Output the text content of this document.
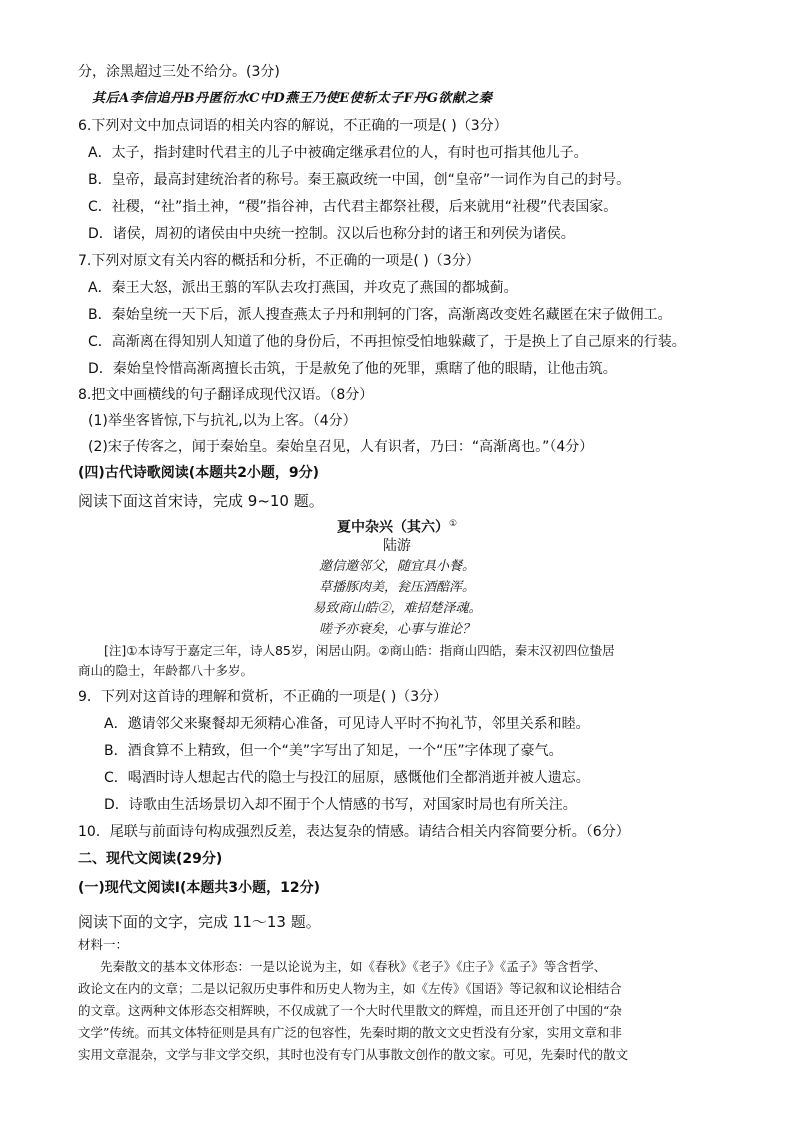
分，涂黑超过三处不给分。(3分)
其后A李信追丹B丹匿衍水C中D燕王乃使E使斩太子F丹G欲献之秦
6.下列对文中加点词语的相关内容的解说，不正确的一项是( )（3分）
A．太子，指封建时代君主的儿子中被确定继承君位的人，有时也可指其他儿子。
B．皇帝，最高封建统治者的称号。秦王嬴政统一中国，创“皇帝”一词作为自己的封号。
C．社稷，“社”指土神，“稷”指谷神，古代君主都祭社稷，后来就用“社稷”代表国家。
D．诸侯，周初的诸侯由中央统一控制。汉以后也称分封的诸王和列侯为诸侯。
7.下列对原文有关内容的概括和分析，不正确的一项是( )（3分）
A．秦王大怒，派出王翦的军队去攻打燕国，并攻克了燕国的都城蓟。
B．秦始皇统一天下后，派人搜查燕太子丹和荆轲的门客，高渐离改变姓名藏匿在宋子做佣工。
C．高渐离在得知别人知道了他的身份后，不再担惊受怕地躲藏了，于是换上了自己原来的行装。
D．秦始皇怜惜高渐离擅长击筑，于是赦免了他的死罪，熏瞎了他的眼睛，让他击筑。
8.把文中画横线的句子翻译成现代汉语。（8分）
(1)举坐客皆惊,下与抗礼,以为上客。（4分）
(2)宋子传客之，闻于秦始皇。秦始皇召见，人有识者，乃曰：“高渐离也。”（4分）
(四)古代诗歌阅读(本题共2小题，9分)
阅读下面这首宋诗，完成 9~10 题。
夏中杂兴（其六）①
陆游
邀信邀邻父，随宜具小餐。
草播豚肉美，瓮压酒醅浑。
易致商山皓②，难招楚泽魂。
嗟予亦衰矣，心事与谁论？
[注]①本诗写于嘉定三年，诗人85岁，闲居山阴。②商山皓：指商山四皓，秦末汉初四位蛰居
商山的隐士，年龄都八十多岁。
9．下列对这首诗的理解和赏析，不正确的一项是( )（3分）
A．邀请邻父来聚餐却无须精心准备，可见诗人平时不拘礼节，邻里关系和睦。
B．酒食算不上精致，但一个“美”字写出了知足，一个“压”字体现了豪气。
C．喝酒时诗人想起古代的隐士与投江的屈原，感慨他们全都消逝并被人遗忘。
D．诗歌由生活场景切入却不囿于个人情感的书写，对国家时局也有所关注。
10．尾联与前面诗句构成强烈反差，表达复杂的情感。请结合相关内容简要分析。（6分）
二、现代文阅读(29分)
(一)现代文阅读Ⅰ(本题共3小题，12分)
阅读下面的文字，完成 11～13 题。
材料一：
先秦散文的基本文体形态：一是以论说为主，如《春秋》《老子》《庄子》《孟子》等含哲学、
政论文在内的文章；二是以记叙历史事件和历史人物为主，如《左传》《国语》等记叙和议论相结合
的文章。这两种文体形态交相辉映，不仅成就了一个大时代里散文的辉煌，而且还开创了中国的“杂
文学”传统。而其文体特征则是具有广泛的包容性，先秦时期的散文文史哲没有分家，实用文章和非
实用文章混杂，文学与非文学交织，其时也没有专门从事散文创作的散文家。可见，先秦时代的散文
